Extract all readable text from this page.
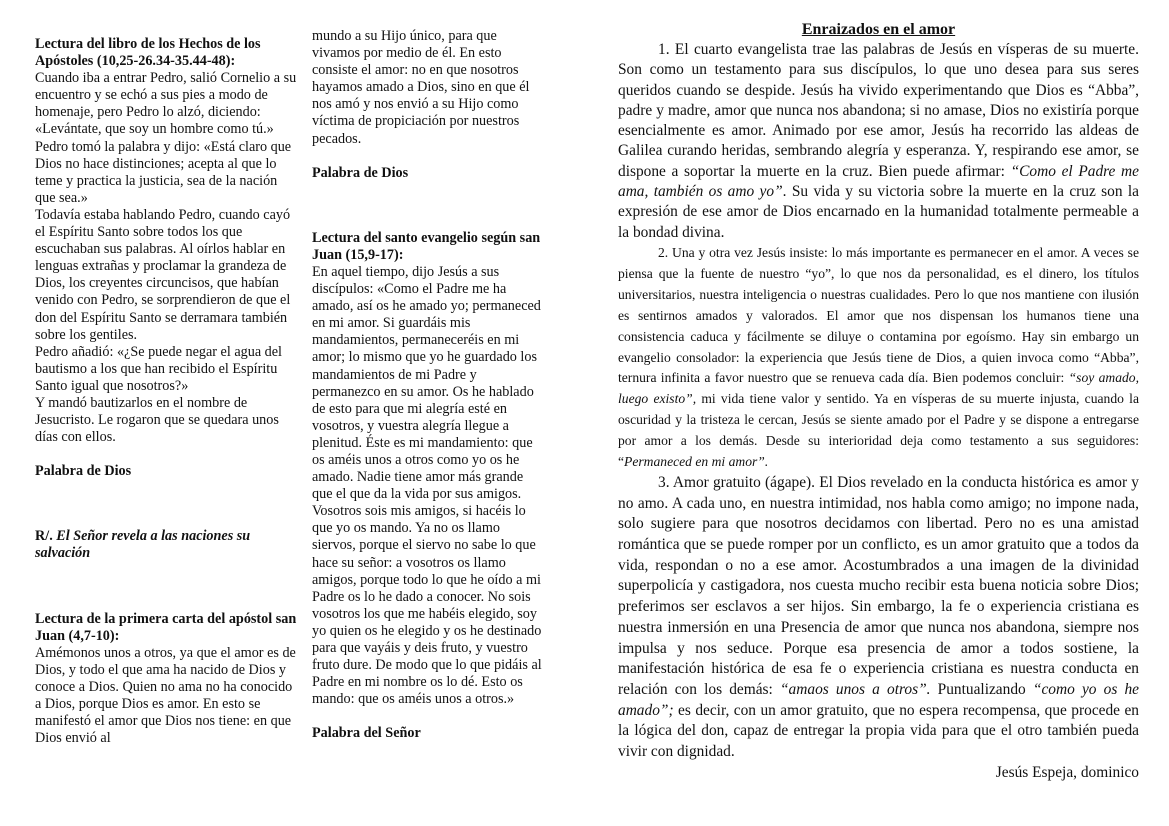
Lectura del libro de los Hechos de los Apóstoles (10,25-26.34-35.44-48):

Cuando iba a entrar Pedro, salió Cornelio a su encuentro y se echó a sus pies a modo de homenaje, pero Pedro lo alzó, diciendo: «Levántate, que soy un hombre como tú.»

Pedro tomó la palabra y dijo: «Está claro que Dios no hace distinciones; acepta al que lo teme y practica la justicia, sea de la nación que sea.»

Todavía estaba hablando Pedro, cuando cayó el Espíritu Santo sobre todos los que escuchaban sus palabras. Al oírlos hablar en lenguas extrañas y proclamar la grandeza de Dios, los creyentes circuncisos, que habían venido con Pedro, se sorprendieron de que el don del Espíritu Santo se derramara también sobre los gentiles.

Pedro añadió: «¿Se puede negar el agua del bautismo a los que han recibido el Espíritu Santo igual que nosotros?»

Y mandó bautizarlos en el nombre de Jesucristo. Le rogaron que se quedara unos días con ellos.

Palabra de Dios

R/. El Señor revela a las naciones su salvación

Lectura de la primera carta del apóstol san Juan (4,7-10):

Amémonos unos a otros, ya que el amor es de Dios, y todo el que ama ha nacido de Dios y conoce a Dios. Quien no ama no ha conocido a Dios, porque Dios es amor. En esto se manifestó el amor que Dios nos tiene: en que Dios envió al

mundo a su Hijo único, para que vivamos por medio de él. En esto consiste el amor: no en que nosotros hayamos amado a Dios, sino en que él nos amó y nos envió a su Hijo como víctima de propiciación por nuestros pecados.

Palabra de Dios

Lectura del santo evangelio según san Juan (15,9-17):

En aquel tiempo, dijo Jesús a sus discípulos: «Como el Padre me ha amado, así os he amado yo; permaneced en mi amor. Si guardáis mis mandamientos, permaneceréis en mi amor; lo mismo que yo he guardado los mandamientos de mi Padre y permanezco en su amor. Os he hablado de esto para que mi alegría esté en vosotros, y vuestra alegría llegue a plenitud. Éste es mi mandamiento: que os améis unos a otros como yo os he amado. Nadie tiene amor más grande que el que da la vida por sus amigos. Vosotros sois mis amigos, si hacéis lo que yo os mando. Ya no os llamo siervos, porque el siervo no sabe lo que hace su señor: a vosotros os llamo amigos, porque todo lo que he oído a mi Padre os lo he dado a conocer. No sois vosotros los que me habéis elegido, soy yo quien os he elegido y os he destinado para que vayáis y deis fruto, y vuestro fruto dure. De modo que lo que pidáis al Padre en mi nombre os lo dé. Esto os mando: que os améis unos a otros.»

Palabra del Señor

Enraizados en el amor

1. El cuarto evangelista trae las palabras de Jesús en vísperas de su muerte. Son como un testamento para sus discípulos, lo que uno desea para sus seres queridos cuando se despide. Jesús ha vivido experimentando que Dios es “Abba”, padre y madre, amor que nunca nos abandona; si no amase, Dios no existiría porque esencialmente es amor. Animado por ese amor, Jesús ha recorrido las aldeas de Galilea curando heridas, sembrando alegría y esperanza. Y, respirando ese amor, se dispone a soportar la muerte en la cruz. Bien puede afirmar: “Como el Padre me ama, también os amo yo”. Su vida y su victoria sobre la muerte en la cruz son la expresión de ese amor de Dios encarnado en la humanidad totalmente permeable a la bondad divina.

2. Una y otra vez Jesús insiste: lo más importante es permanecer en el amor. A veces se piensa que la fuente de nuestro “yo”, lo que nos da personalidad, es el dinero, los títulos universitarios, nuestra inteligencia o nuestras cualidades. Pero lo que nos mantiene con ilusión es sentirnos amados y valorados. El amor que nos dispensan los humanos tiene una consistencia caduca y fácilmente se diluye o contamina por egoísmo. Hay sin embargo un evangelio consolador: la experiencia que Jesús tiene de Dios, a quien invoca como “Abba”, ternura infinita a favor nuestro que se renueva cada día. Bien podemos concluir: “soy amado, luego existo”, mi vida tiene valor y sentido. Ya en vísperas de su muerte injusta, cuando la oscuridad y la tristeza le cercan, Jesús se siente amado por el Padre y se dispone a entregarse por amor a los demás. Desde su interioridad deja como testamento a sus seguidores: “Permaneced en mi amor”.

3. Amor gratuito (ágape). El Dios revelado en la conducta histórica es amor y no amo. A cada uno, en nuestra intimidad, nos habla como amigo; no impone nada, solo sugiere para que nosotros decidamos con libertad. Pero no es una amistad romántica que se puede romper por un conflicto, es un amor gratuito que a todos da vida, respondan o no a ese amor. Acostumbrados a una imagen de la divinidad superpolicía y castigadora, nos cuesta mucho recibir esta buena noticia sobre Dios; preferimos ser esclavos a ser hijos. Sin embargo, la fe o experiencia cristiana es nuestra inmersión en una Presencia de amor que nunca nos abandona, siempre nos impulsa y nos seduce. Porque esa presencia de amor a todos sostiene, la manifestación histórica de esa fe o experiencia cristiana es nuestra conducta en relación con los demás: “amaos unos a otros”. Puntualizando “como yo os he amado”; es decir, con un amor gratuito, que no espera recompensa, que procede en la lógica del don, capaz de entregar la propia vida para que el otro también pueda vivir con dignidad.

Jesús Espeja, dominico
